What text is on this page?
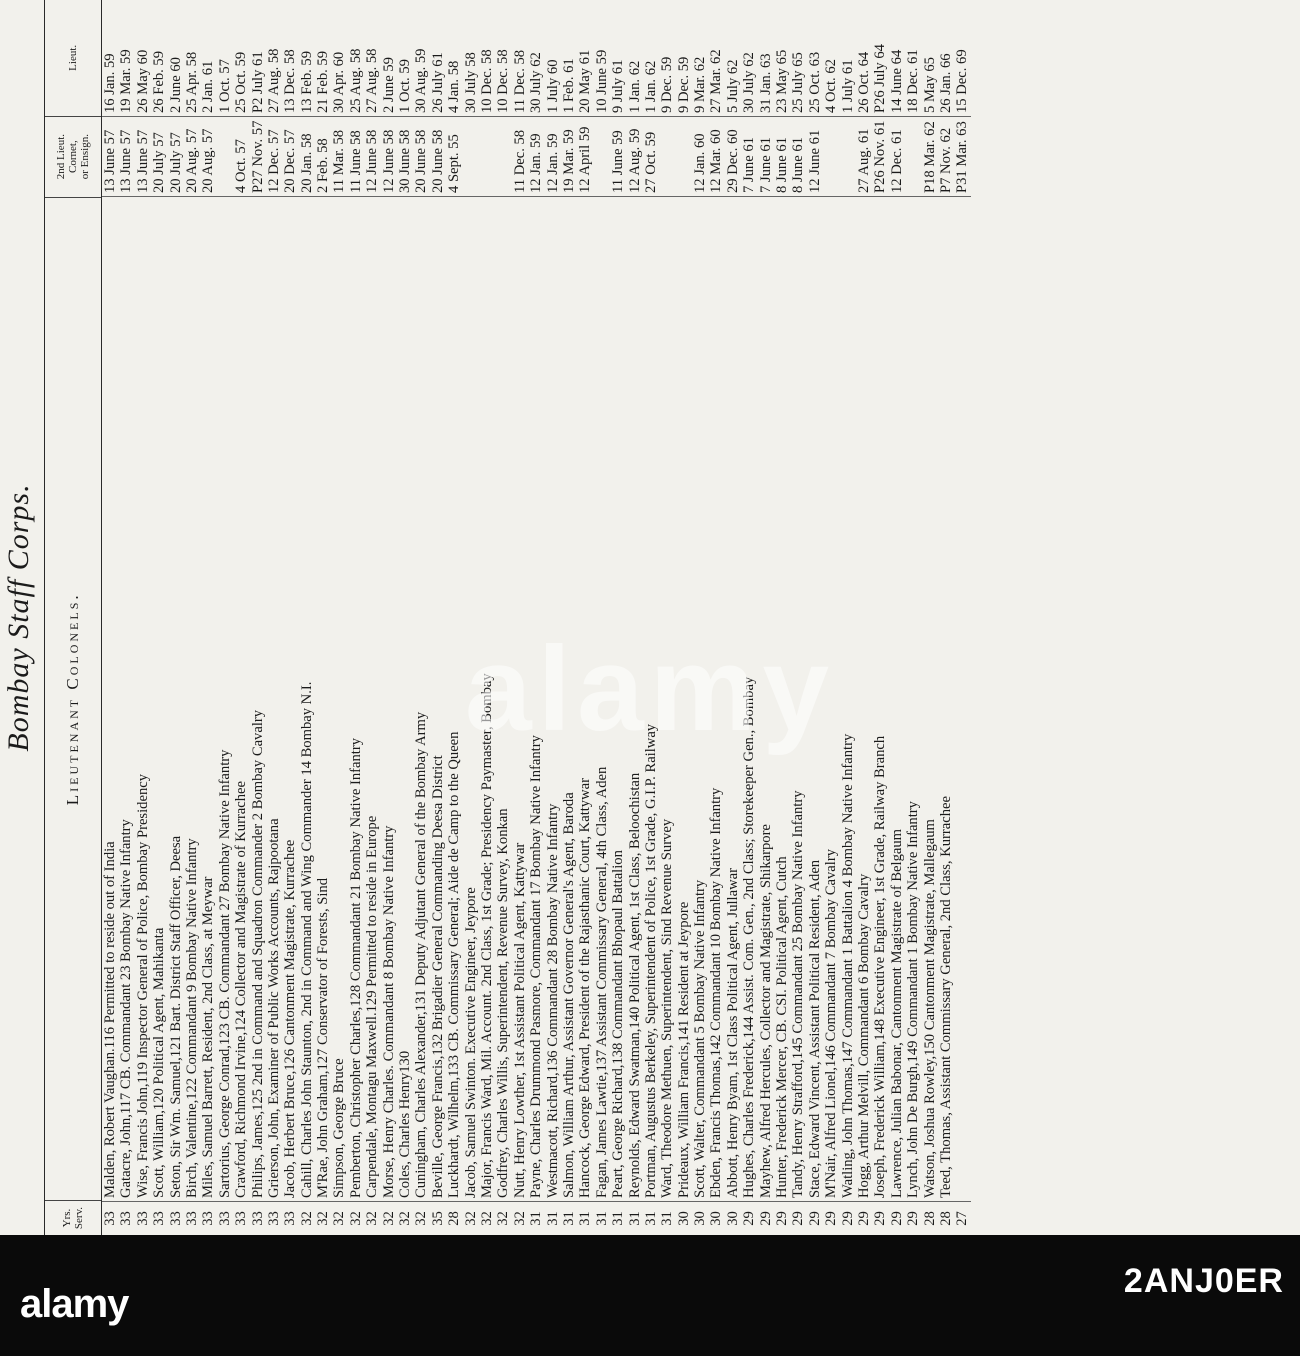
Bombay Staff Corps.
Yrs. Serv.
Lieutenant Colonels.
2nd Lieut. Cornet, or Ensign.
Lieut.
33
Malden, Robert Vaughan.116 Permitted to reside out of India
13 June 57
16 Jan. 59
33
Gatacre, John,117 CB. Commandant 23 Bombay Native Infantry
13 June 57
19 Mar. 59
33
Wise, Francis John,119 Inspector General of Police, Bombay Presidency
13 June 57
26 May 60
33
Scott, William,120 Political Agent, Mahikanta
20 July 57
26 Feb. 59
33
Seton, Sir Wm. Samuel,121 Bart. District Staff Officer, Deesa
20 July 57
2 June 60
33
Birch, Valentine,122 Commandant 9 Bombay Native Infantry
20 Aug. 57
25 Apr. 58
33
Miles, Samuel Barrett, Resident, 2nd Class, at Meywar
20 Aug. 57
2 Jan. 61
33
Sartorius, George Conrad,123 CB. Commandant 27 Bombay Native Infantry
1 Oct. 57
33
Crawford, Richmond Irvine,124 Collector and Magistrate of Kurrachee
4 Oct. 57
25 Oct. 59
33
Philips, James,125 2nd in Command and Squadron Commander 2 Bombay Cavalry
P27 Nov. 57
P2 July 61
33
Grierson, John, Examiner of Public Works Accounts, Rajpootana
12 Dec. 57
27 Aug. 58
33
Jacob, Herbert Bruce,126 Cantonment Magistrate, Kurrachee
20 Dec. 57
13 Dec. 58
32
Cahill, Charles John Staunton, 2nd in Command and Wing Commander 14 Bombay N.I.
20 Jan. 58
13 Feb. 59
32
M'Rae, John Graham,127 Conservator of Forests, Sind
2 Feb. 58
21 Feb. 59
32
Simpson, George Bruce
11 Mar. 58
30 Apr. 60
32
Pemberton, Christopher Charles,128 Commandant 21 Bombay Native Infantry
11 June 58
25 Aug. 58
32
Carpendale, Montagu Maxwell.129 Permitted to reside in Europe
12 June 58
27 Aug. 58
32
Morse, Henry Charles. Commandant 8 Bombay Native Infantry
12 June 58
2 June 59
32
Coles, Charles Henry130
30 June 58
1 Oct. 59
32
Cuningham, Charles Alexander,131 Deputy Adjutant General of the Bombay Army
20 June 58
30 Aug. 59
35
Beville, George Francis,132 Brigadier General Commanding Deesa District
20 June 58
26 July 61
28
Luckhardt, Wilhelm,133 CB. Commissary General; Aide de Camp to the Queen
4 Sept. 55
4 Jan. 58
32
Jacob, Samuel Swinton. Executive Engineer, Jeypore
30 July 58
32
Major, Francis Ward, Mil. Account. 2nd Class, 1st Grade; Presidency Paymaster, Bombay
10 Dec. 58
32
Godfrey, Charles Willis, Superintendent, Revenue Survey, Konkan
10 Dec. 58
32
Nutt, Henry Lowther, 1st Assistant Political Agent, Kattywar
11 Dec. 58
11 Dec. 58
31
Payne, Charles Drummond Pasmore, Commandant 17 Bombay Native Infantry
12 Jan. 59
30 July 62
31
Westmacott, Richard,136 Commandant 28 Bombay Native Infantry
12 Jan. 59
1 July 60
31
Salmon, William Arthur, Assistant Governor General's Agent, Baroda
19 Mar. 59
1 Feb. 61
31
Hancock, George Edward, President of the Rajasthanic Court, Kattywar
12 April 59
20 May 61
31
Fagan, James Lawtie,137 Assistant Commissary General, 4th Class, Aden
10 June 59
31
Peart, George Richard,138 Commandant Bhopaul Battalion
11 June 59
9 July 61
31
Reynolds, Edward Swatman,140 Political Agent, 1st Class, Beloochistan
12 Aug. 59
1 Jan. 62
31
Portman, Augustus Berkeley, Superintendent of Police, 1st Grade, G.I.P. Railway
27 Oct. 59
1 Jan. 62
31
Ward, Theodore Methuen, Superintendent, Sind Revenue Survey
9 Dec. 59
30
Prideaux, William Francis,141 Resident at Jeypore
9 Dec. 59
30
Scott, Walter, Commandant 5 Bombay Native Infantry
12 Jan. 60
9 Mar. 62
30
Ebden, Francis Thomas,142 Commandant 10 Bombay Native Infantry
12 Mar. 60
27 Mar. 62
30
Abbott, Henry Byam, 1st Class Political Agent, Jullawar
29 Dec. 60
5 July 62
29
Hughes, Charles Frederick,144 Assist. Com. Gen., 2nd Class; Storekeeper Gen., Bombay
7 June 61
30 July 62
29
Mayhew, Alfred Hercules, Collector and Magistrate, Shikarpore
7 June 61
31 Jan. 63
29
Hunter, Frederick Mercer, CB. CSI. Political Agent, Cutch
8 June 61
23 May 65
29
Tandy, Henry Strafford,145 Commandant 25 Bombay Native Infantry
8 June 61
25 July 65
29
Stace, Edward Vincent, Assistant Political Resident, Aden
12 June 61
25 Oct. 63
29
M'Nair, Alfred Lionel,146 Commandant 7 Bombay Cavalry
4 Oct. 62
29
Watling, John Thomas,147 Commandant 1 Battalion 4 Bombay Native Infantry
1 July 61
29
Hogg, Arthur Melvill, Commandant 6 Bombay Cavalry
27 Aug. 61
26 Oct. 64
29
Joseph, Frederick William,148 Executive Engineer, 1st Grade, Railway Branch
P26 Nov. 61
P26 July 64
29
Lawrence, Julian Babonar, Cantonment Magistrate of Belgaum
12 Dec. 61
14 June 64
29
Lynch, John De Burgh,149 Commandant 1 Bombay Native Infantry
18 Dec. 61
28
Watson, Joshua Rowley,150 Cantonment Magistrate, Mallegaum
P18 Mar. 62
5 May 65
28
Teed, Thomas, Assistant Commissary General, 2nd Class, Kurrachee
P7 Nov. 62
26 Jan. 66
27
P31 Mar. 63
15 Dec. 69
alamy
alamy
2ANJ0ER
